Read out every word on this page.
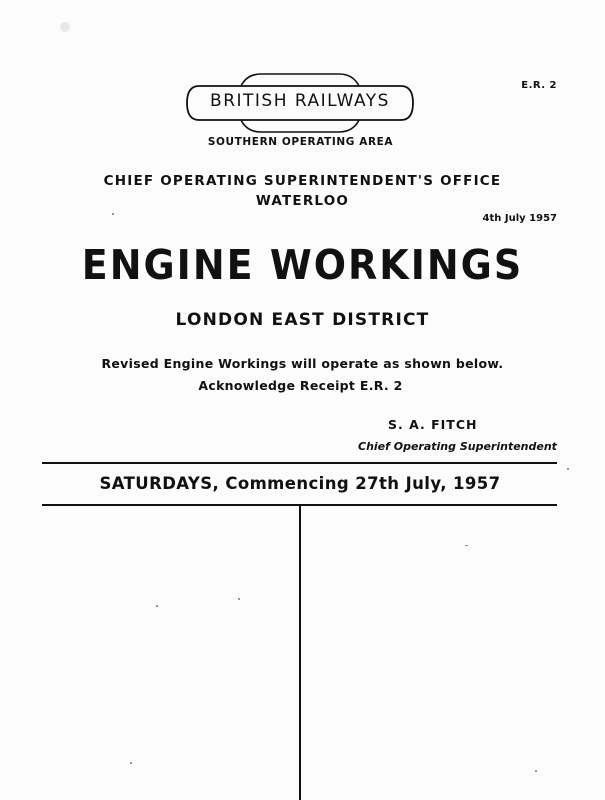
E.R. 2
BRITISH RAILWAYS
SOUTHERN OPERATING AREA
CHIEF OPERATING SUPERINTENDENT'S OFFICE
WATERLOO
4th July 1957
ENGINE WORKINGS
LONDON EAST DISTRICT
Revised Engine Workings will operate as shown below.
Acknowledge Receipt E.R. 2
S. A. FITCH
Chief Operating Superintendent
SATURDAYS, Commencing 27th July, 1957
